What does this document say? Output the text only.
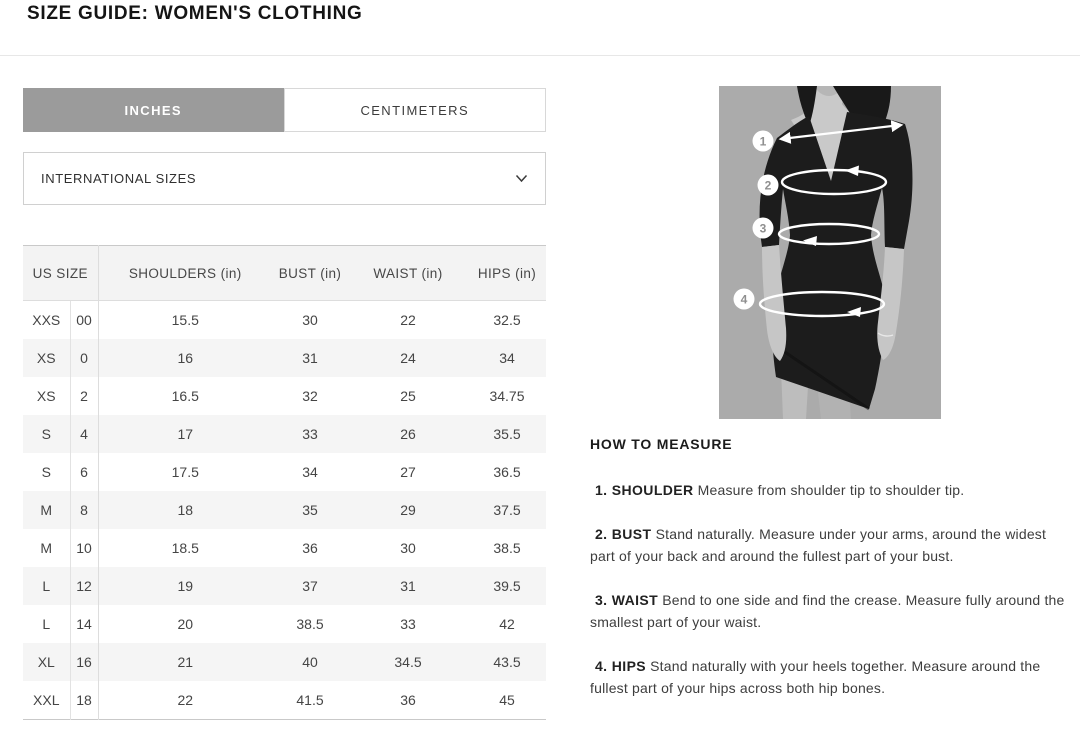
SIZE GUIDE: WOMEN'S CLOTHING
INCHES	CENTIMETERS
INTERNATIONAL SIZES
US SIZE		SHOULDERS (in)	BUST (in)	WAIST (in)	HIPS (in)
XXS	00	15.5	30	22	32.5
XS	0	16	31	24	34
XS	2	16.5	32	25	34.75
S	4	17	33	26	35.5
S	6	17.5	34	27	36.5
M	8	18	35	29	37.5
M	10	18.5	36	30	38.5
L	12	19	37	31	39.5
L	14	20	38.5	33	42
XL	16	21	40	34.5	43.5
XXL	18	22	41.5	36	45
1
2
3
4
HOW TO MEASURE

1. SHOULDER Measure from shoulder tip to shoulder tip.

2. BUST Stand naturally. Measure under your arms, around the widest part of your back and around the fullest part of your bust.

3. WAIST Bend to one side and find the crease. Measure fully around the smallest part of your waist.

4. HIPS Stand naturally with your heels together. Measure around the fullest part of your hips across both hip bones.
